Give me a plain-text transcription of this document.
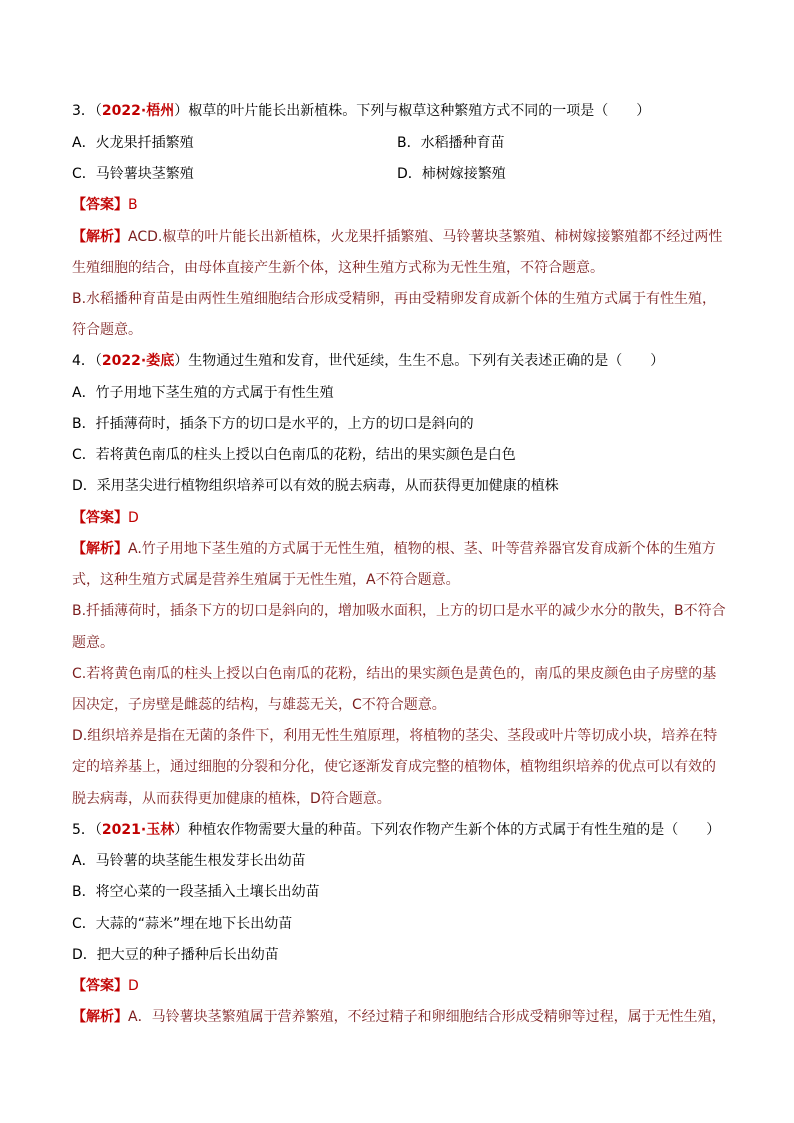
3．（2022·梧州）椒草的叶片能长出新植株。下列与椒草这种繁殖方式不同的一项是（　　）
A．火龙果扦插繁殖	B．水稻播种育苗
C．马铃薯块茎繁殖	D．柿树嫁接繁殖
【答案】B
【解析】ACD.椒草的叶片能长出新植株，火龙果扦插繁殖、马铃薯块茎繁殖、柿树嫁接繁殖都不经过两性
生殖细胞的结合，由母体直接产生新个体，这种生殖方式称为无性生殖，不符合题意。
B.水稻播种育苗是由两性生殖细胞结合形成受精卵，再由受精卵发育成新个体的生殖方式属于有性生殖，
符合题意。
4．（2022·娄底）生物通过生殖和发育，世代延续，生生不息。下列有关表述正确的是（　　）
A．竹子用地下茎生殖的方式属于有性生殖
B．扦插薄荷时，插条下方的切口是水平的，上方的切口是斜向的
C．若将黄色南瓜的柱头上授以白色南瓜的花粉，结出的果实颜色是白色
D．采用茎尖进行植物组织培养可以有效的脱去病毒，从而获得更加健康的植株
【答案】D
【解析】A.竹子用地下茎生殖的方式属于无性生殖，植物的根、茎、叶等营养器官发育成新个体的生殖方
式，这种生殖方式属是营养生殖属于无性生殖，A不符合题意。
B.扦插薄荷时，插条下方的切口是斜向的，增加吸水面积，上方的切口是水平的减少水分的散失，B不符合
题意。
C.若将黄色南瓜的柱头上授以白色南瓜的花粉，结出的果实颜色是黄色的，南瓜的果皮颜色由子房壁的基
因决定，子房壁是雌蕊的结构，与雄蕊无关，C不符合题意。
D.组织培养是指在无菌的条件下，利用无性生殖原理，将植物的茎尖、茎段或叶片等切成小块，培养在特
定的培养基上，通过细胞的分裂和分化，使它逐渐发育成完整的植物体，植物组织培养的优点可以有效的
脱去病毒，从而获得更加健康的植株，D符合题意。
5．（2021·玉林）种植农作物需要大量的种苗。下列农作物产生新个体的方式属于有性生殖的是（　　）
A．马铃薯的块茎能生根发芽长出幼苗
B．将空心菜的一段茎插入土壤长出幼苗
C．大蒜的“蒜米”埋在地下长出幼苗
D．把大豆的种子播种后长出幼苗
【答案】D
【解析】A．马铃薯块茎繁殖属于营养繁殖，不经过精子和卵细胞结合形成受精卵等过程，属于无性生殖，
